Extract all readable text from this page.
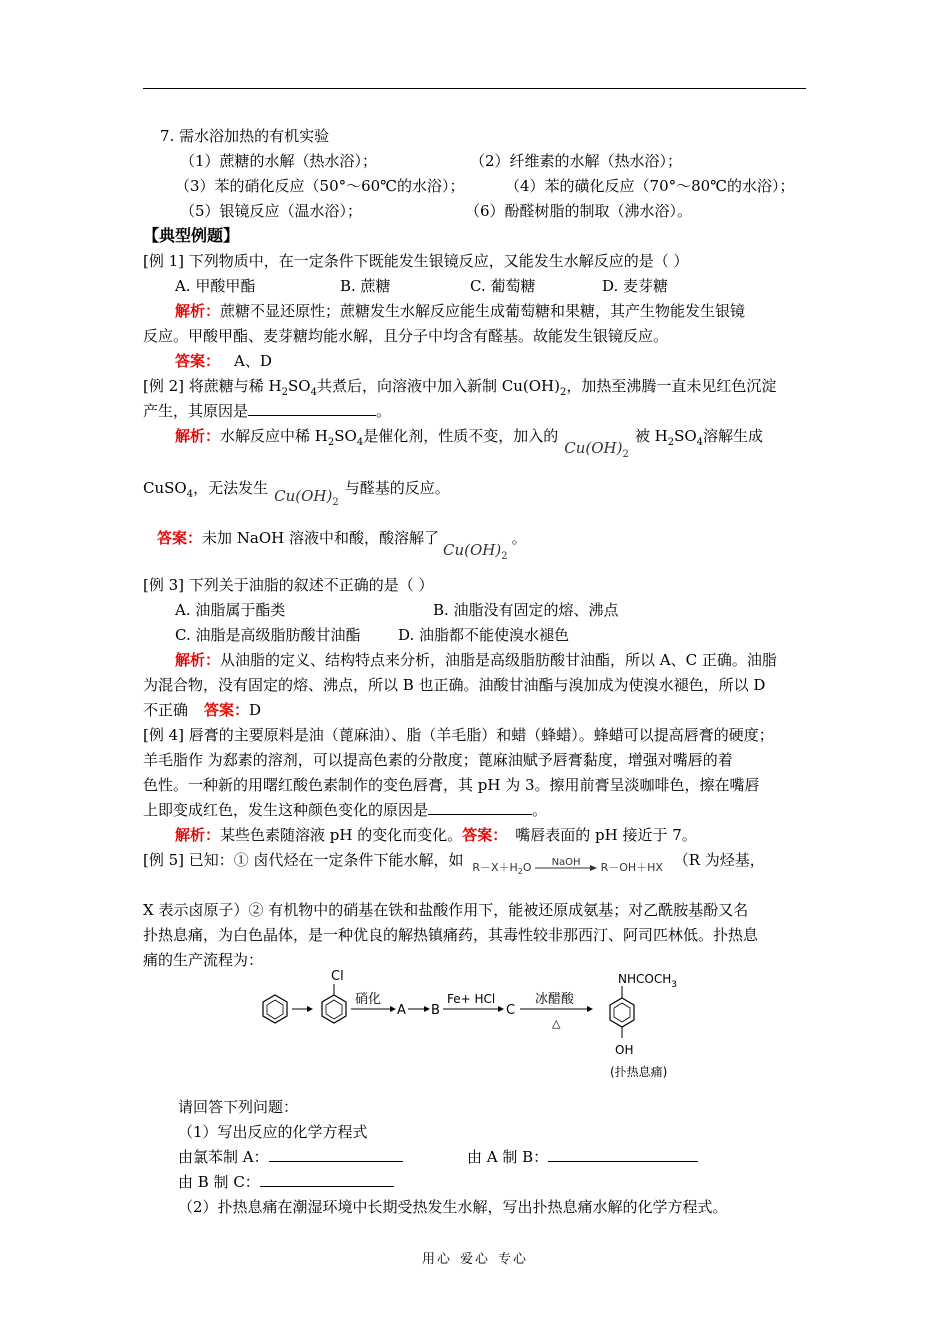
7. 需水浴加热的有机实验
（1）蔗糖的水解（热水浴）；	（2）纤维素的水解（热水浴）；
（3）苯的硝化反应（50°～60℃的水浴）；	（4）苯的磺化反应（70°～80℃的水浴）；
（5）银镜反应（温水浴）；	（6）酚醛树脂的制取（沸水浴）。
【典型例题】
[例 1] 下列物质中，在一定条件下既能发生银镜反应，又能发生水解反应的是（ ）
A. 甲酸甲酯	B. 蔗糖	C. 葡萄糖	D. 麦芽糖
解析：蔗糖不显还原性；蔗糖发生水解反应能生成葡萄糖和果糖，其产生物能发生银镜
反应。甲酸甲酯、麦芽糖均能水解，且分子中均含有醛基。故能发生银镜反应。
答案： A、D
[例 2] 将蔗糖与稀 $H_2SO_4$共煮后，向溶液中加入新制 $Cu(OH)_2$，加热至沸腾一直未见红色沉淀
产生，其原因是	。
解析：水解反应中稀 $H_2SO_4$是催化剂，性质不变，加入的$Cu(OH)_2$被 $H_2SO_4$溶解生成
CuSO$_4$，无法发生 $Cu(OH)_2$与醛基的反应。
答案：未加 NaOH 溶液中和酸，酸溶解了$Cu(OH)_2$。
[例 3] 下列关于油脂的叙述不正确的是（ ）
A. 油脂属于酯类	B. 油脂没有固定的熔、沸点
C. 油脂是高级脂肪酸甘油酯	D. 油脂都不能使溴水褪色
解析：从油脂的定义、结构特点来分析，油脂是高级脂肪酸甘油酯，所以 A、C 正确。油脂
为混合物，没有固定的熔、沸点，所以 B 也正确。油酸甘油酯与溴加成为使溴水褪色，所以 D
不正确 答案：D
[例 4] 唇膏的主要原料是油（蓖麻油）、脂（羊毛脂）和蜡（蜂蜡）。蜂蜡可以提高唇膏的硬度；
羊毛脂作 为郄素的溶剂，可以提高色素的分散度；蓖麻油赋予唇膏黏度，增强对嘴唇的着
色性。一种新的用曙红酸色素制作的变色唇膏，其 pH 为 3。擦用前膏呈淡咖啡色，擦在嘴唇
上即变成红色，发生这种颜色变化的原因是	。
解析：某些色素随溶液 pH 的变化而变化。答案： 嘴唇表面的 pH 接近于 7。
[例 5] 已知：① 卤代烃在一定条件下能水解，如 $R-X+H_2O$	NaOH	R－OH＋HX （R 为烃基，
X 表示卤原子）② 有机物中的硝基在铁和盐酸作用下，能被还原成氨基；对乙酰胺基酚又名
扑热息痛，为白色晶体，是一种优良的解热镇痛药，其毒性较非那西汀、阿司匹林低。扑热息
痛的生产流程为：
Cl
硝化
A B
Fe+ HCl
C
冰醋酸
△
$NHCOCH_3$
OH
(扑热息痛)
请回答下列问题：
（1）写出反应的化学方程式
由氯苯制 A：	由 A 制 B：
由 B 制 C：
（2）扑热息痛在潮湿环境中长期受热发生水解，写出扑热息痛水解的化学方程式。
用心 爱心 专心
